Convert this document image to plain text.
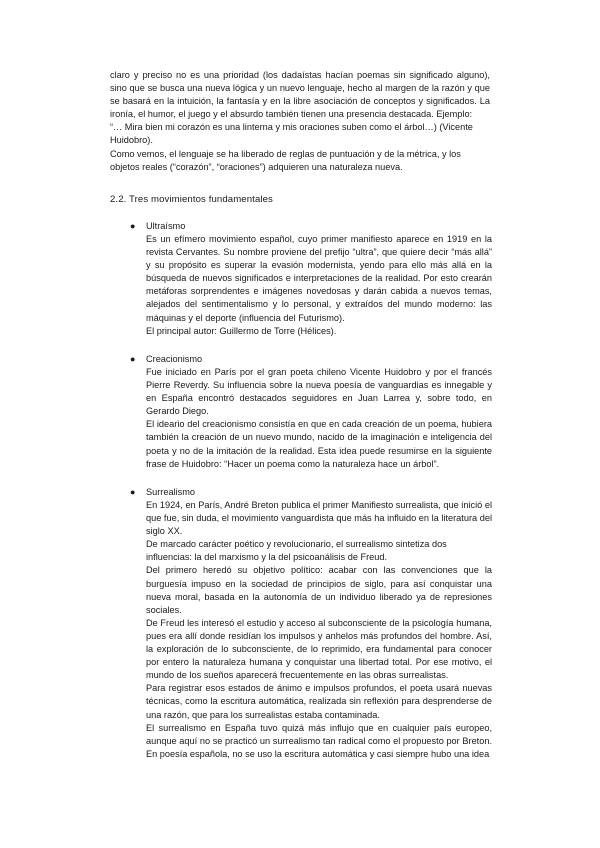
claro y preciso no es una prioridad (los dadaístas hacían poemas sin significado alguno), sino que se busca una nueva lógica y un nuevo lenguaje, hecho al margen de la razón y que se basará en la intuición, la fantasía y en la libre asociación de conceptos y significados. La ironía, el humor, el juego y el absurdo también tienen una presencia destacada. Ejemplo:

“… Mira bien mi corazón es una linterna y mis oraciones suben como el árbol…) (Vicente Huidobro).

Como vemos, el lenguaje se ha liberado de reglas de puntuación y de la métrica, y los objetos reales (“corazón”, “oraciones”) adquieren una naturaleza nueva.

2.2. Tres movimientos fundamentales
●	Ultraísmo

Es un efímero movimiento español, cuyo primer manifiesto aparece en 1919 en la revista Cervantes. Su nombre proviene del prefijo “ultra”, que quiere decir “más allá” y su propósito es superar la evasión modernista, yendo para ello más allá en la búsqueda de nuevos significados e interpretaciones de la realidad. Por esto crearán metáforas sorprendentes e imágenes novedosas y darán cabida a nuevos temas, alejados del sentimentalismo y lo personal, y extraídos del mundo moderno: las máquinas y el deporte (influencia del Futurismo).

El principal autor: Guillermo de Torre (Hélices).

●	Creacionismo

Fue iniciado en París por el gran poeta chileno Vicente Huidobro y por el francés Pierre Reverdy. Su influencia sobre la nueva poesía de vanguardias es innegable y en España encontró destacados seguidores en Juan Larrea y, sobre todo, en Gerardo Diego.

El ideario del creacionismo consistía en que en cada creación de un poema, hubiera también la creación de un nuevo mundo, nacido de la imaginación e inteligencia del poeta y no de la imitación de la realidad. Esta idea puede resumirse en la siguiente frase de Huidobro: “Hacer un poema como la naturaleza hace un árbol”.

●	Surrealismo

En 1924, en París, André Breton publica el primer Manifiesto surrealista, que inició el que fue, sin duda, el movimiento vanguardista que más ha influido en la literatura del siglo XX.

De marcado carácter poético y revolucionario, el surrealismo sintetiza dos influencias: la del marxismo y la del psicoanálisis de Freud.

Del primero heredó su objetivo político: acabar con las convenciones que la burguesía impuso en la sociedad de principios de siglo, para así conquistar una nueva moral, basada en la autonomía de un individuo liberado ya de represiones sociales.

De Freud les interesó el estudio y acceso al subconsciente de la psicología humana, pues era allí donde residían los impulsos y anhelos más profundos del hombre. Así, la exploración de lo subconsciente, de lo reprimido, era fundamental para conocer por entero la naturaleza humana y conquistar una libertad total. Por ese motivo, el mundo de los sueños aparecerá frecuentemente en las obras surrealistas.

Para registrar esos estados de ánimo e impulsos profundos, el poeta usará nuevas técnicas, como la escritura automática, realizada sin reflexión para desprenderse de una razón, que para los surrealistas estaba contaminada.

El surrealismo en España tuvo quizá más influjo que en cualquier país europeo, aunque aquí no se practicó un surrealismo tan radical como el propuesto por Breton. En poesía española, no se uso la escritura automática y casi siempre hubo una idea
